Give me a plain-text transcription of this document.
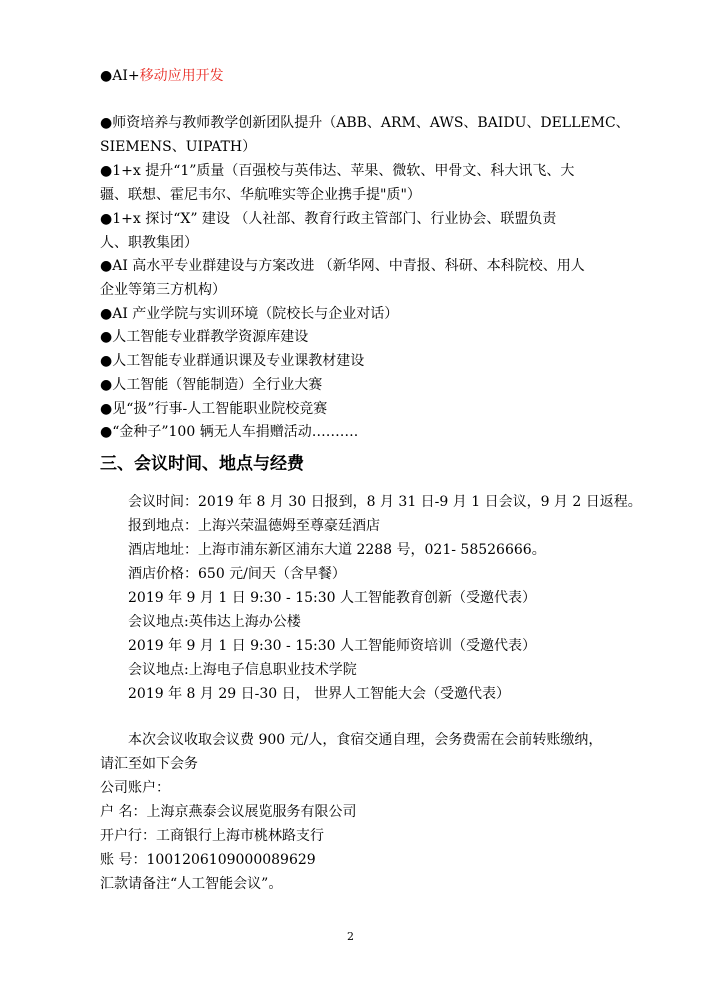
●AI+移动应用开发
●师资培养与教师教学创新团队提升（ABB、ARM、AWS、BAIDU、DELLEMC、
SIEMENS、UIPATH）
●1+x 提升“1”质量（百强校与英伟达、苹果、微软、甲骨文、科大讯飞、大
疆、联想、霍尼韦尔、华航唯实等企业携手提"质"）
●1+x 探讨“X” 建设 （人社部、教育行政主管部门、行业协会、联盟负责
人、职教集团）
●AI 高水平专业群建设与方案改进 （新华网、中青报、科研、本科院校、用人
企业等第三方机构）
●AI 产业学院与实训环境（院校长与企业对话）
●人工智能专业群教学资源库建设
●人工智能专业群通识课及专业课教材建设
●人工智能（智能制造）全行业大赛
●见“扱”行事-人工智能职业院校竞赛
●“金种子”100 辆无人车捐赠活动……….
三、会议时间、地点与经费
会议时间：2019 年 8 月 30 日报到，8 月 31 日-9 月 1 日会议，9 月 2 日返程。
报到地点：上海兴荣温德姆至尊豪廷酒店
酒店地址：上海市浦东新区浦东大道 2288 号，021- 58526666。
酒店价格：650 元/间天（含早餐）
2019 年 9 月 1 日 9:30 - 15:30 人工智能教育创新（受邀代表）
会议地点:英伟达上海办公楼
2019 年 9 月 1 日 9:30 - 15:30 人工智能师资培训（受邀代表）
会议地点:上海电子信息职业技术学院
2019 年 8 月 29 日-30 日， 世界人工智能大会（受邀代表）
本次会议收取会议费 900 元/人，食宿交通自理，会务费需在会前转账缴纳，
请汇至如下会务
公司账户：
户 名：上海京燕泰会议展览服务有限公司
开户行：工商银行上海市桃林路支行
账 号：1001206109000089629
汇款请备注“人工智能会议”。
2
